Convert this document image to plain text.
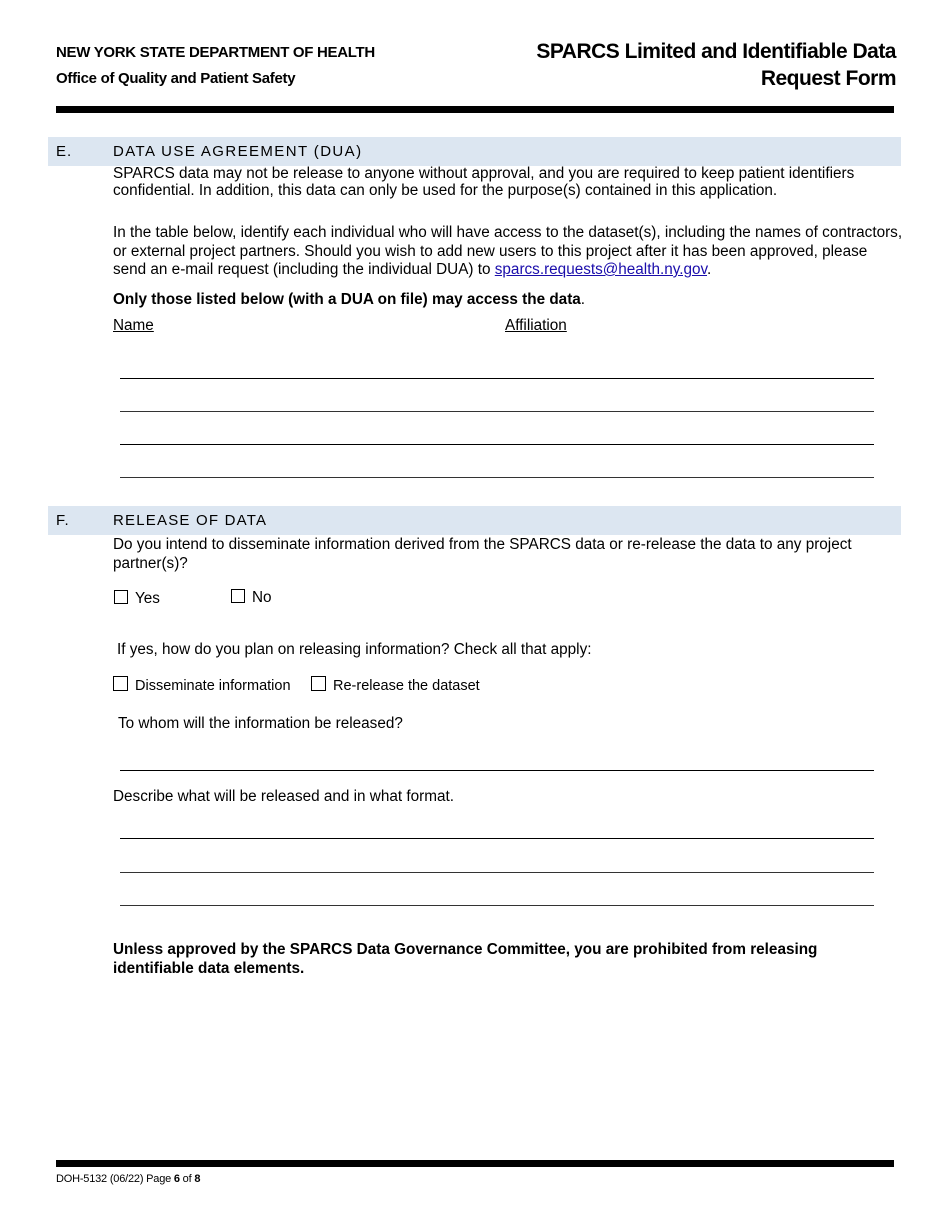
NEW YORK STATE DEPARTMENT OF HEALTH
Office of Quality and Patient Safety
SPARCS Limited and Identifiable Data Request Form
E.	DATA USE AGREEMENT (DUA)
SPARCS data may not be release to anyone without approval, and you are required to keep patient identifiers confidential. In addition, this data can only be used for the purpose(s) contained in this application.
In the table below, identify each individual who will have access to the dataset(s), including the names of contractors, or external project partners. Should you wish to add new users to this project after it has been approved, please send an e-mail request (including the individual DUA) to sparcs.requests@health.ny.gov.
Only those listed below (with a DUA on file) may access the data.
Name	Affiliation
F.	RELEASE OF DATA
Do you intend to disseminate information derived from the SPARCS data or re-release the data to any project partner(s)?
Yes	No
If yes, how do you plan on releasing information? Check all that apply:
Disseminate information	Re-release the dataset
To whom will the information be released?
Describe what will be released and in what format.
Unless approved by the SPARCS Data Governance Committee, you are prohibited from releasing identifiable data elements.
DOH-5132 (06/22) Page 6 of 8
